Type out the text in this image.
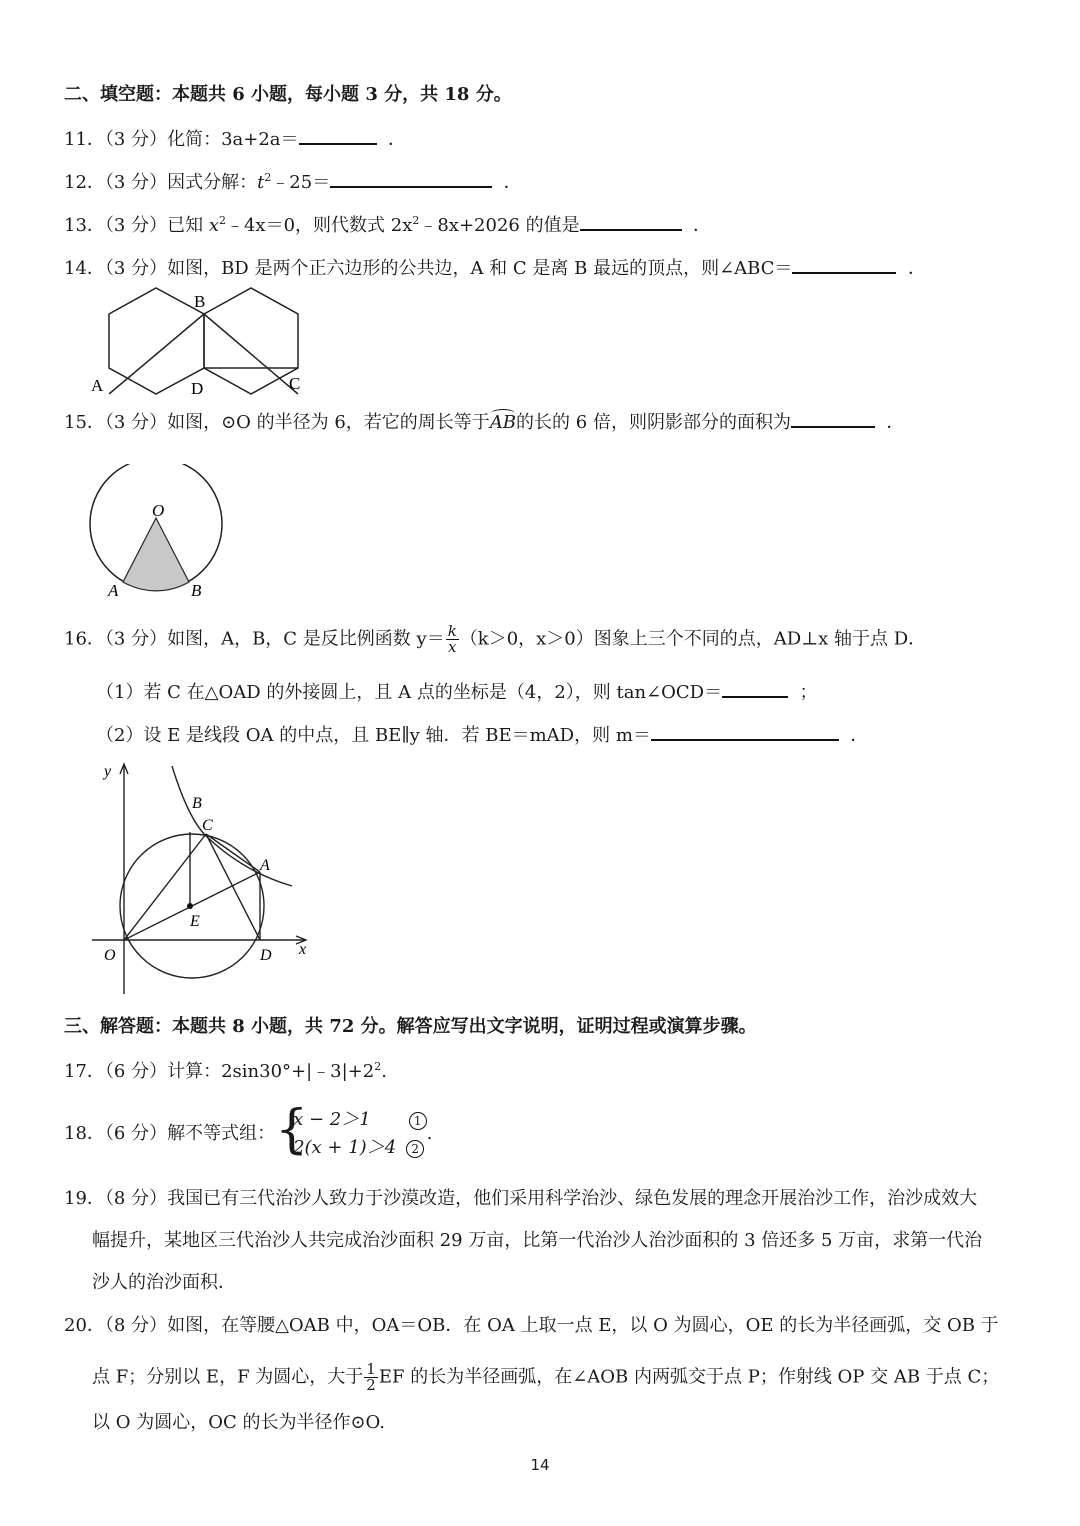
二、填空题：本题共 6 小题，每小题 3 分，共 18 分。
11．（3 分）化简：3a+2a＝	．
12．（3 分）因式分解：$t^2﹣25=$	．
13．（3 分）已知 $x^2﹣4x=0$，则代数式 $2x^2﹣8x+2026$ 的值是	．
14．（3 分）如图，BD 是两个正六边形的公共边，A 和 C 是离 B 最远的顶点，则∠ABC＝	．
B
A	D	C
15．（3 分）如图，⊙O 的半径为 6，若它的周长等于AB的长的 6 倍，则阴影部分的面积为	．
O
A	B
16．（3 分）如图，A，B，C 是反比例函数 $y= \frac{k}{x} (k>0$，x＞0）图象上三个不同的点，AD⊥x 轴于点 D．
（1）若 C 在△OAD 的外接圆上，且 A 点的坐标是（4，2），则 tan∠OCD＝	；
（2）设 E 是线段 OA 的中点，且 BE∥y 轴．若 BE＝mAD，则 m＝	．
y
x
O
B
C
A
E
D
三、解答题：本题共 8 小题，共 72 分。解答应写出文字说明，证明过程或演算步骤。
17．（6 分）计算：$2\sin 30^\circ+|﹣3|+2^2$.
18．（6 分）解不等式组： {
x − 2＞1	1
2(x + 1)＞4 2
.
19．（8 分）我国已有三代治沙人致力于沙漠改造，他们采用科学治沙、绿色发展的理念开展治沙工作，治沙成效大
幅提升，某地区三代治沙人共完成治沙面积 29 万亩，比第一代治沙人治沙面积的 3 倍还多 5 万亩，求第一代治
沙人的治沙面积．
20．（8 分）如图，在等腰△OAB 中，OA＝OB．在 OA 上取一点 E，以 O 为圆心，OE 的长为半径画弧，交 OB 于
点 F；分别以 E，F 为圆心，大于 $\frac{1}{2}$ EF 的长为半径画弧，在∠AOB 内两弧交于点 P；作射线 OP 交 AB 于点 C；
以 O 为圆心，OC 的长为半径作⊙O.
14
